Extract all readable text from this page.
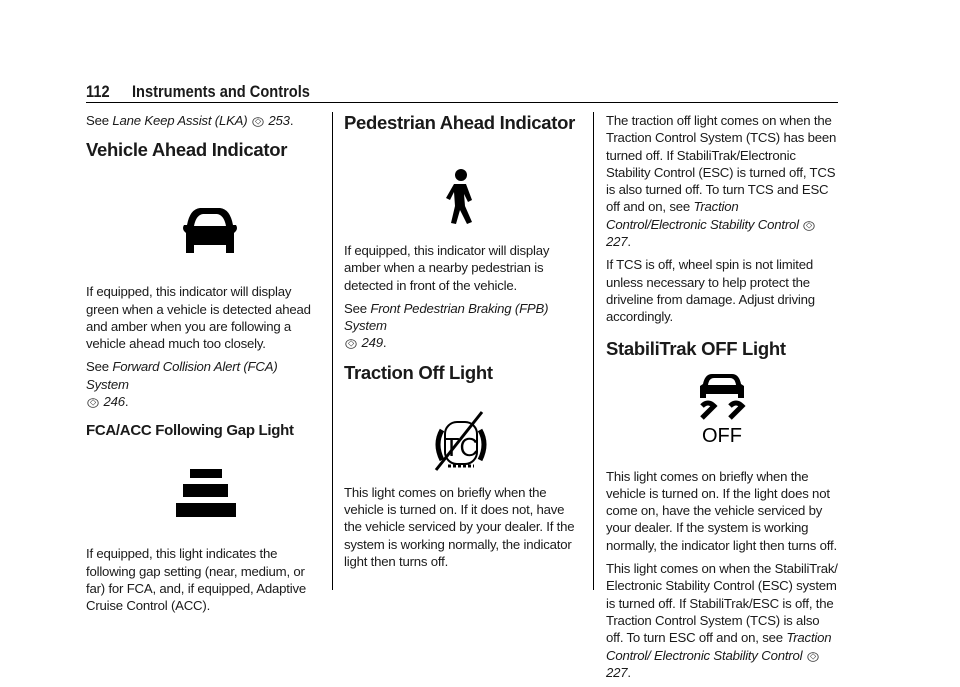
112 Instruments and Controls

See Lane Keep Assist (LKA) ◇ 253.

Vehicle Ahead Indicator

If equipped, this indicator will display green when a vehicle is detected ahead and amber when you are following a vehicle ahead much too closely.

See Forward Collision Alert (FCA) System
◇ 246.

FCA/ACC Following Gap Light

If equipped, this light indicates the following gap setting (near, medium, or far) for FCA, and, if equipped, Adaptive Cruise Control (ACC).

Pedestrian Ahead Indicator

If equipped, this indicator will display amber when a nearby pedestrian is detected in front of the vehicle.

See Front Pedestrian Braking (FPB) System
◇ 249.

Traction Off Light
TC

This light comes on briefly when the vehicle is turned on. If it does not, have the vehicle serviced by your dealer. If the system is working normally, the indicator light then turns off.

The traction off light comes on when the Traction Control System (TCS) has been turned off. If StabiliTrak/Electronic Stability Control (ESC) is turned off, TCS is also turned off. To turn TCS and ESC off and on, see Traction Control/Electronic Stability Control ◇ 227.

If TCS is off, wheel spin is not limited unless necessary to help protect the driveline from damage. Adjust driving accordingly.

StabiliTrak OFF Light
OFF

This light comes on briefly when the vehicle is turned on. If the light does not come on, have the vehicle serviced by your dealer. If the system is working normally, the indicator light then turns off.

This light comes on when the StabiliTrak/ Electronic Stability Control (ESC) system is turned off. If StabiliTrak/ESC is off, the Traction Control System (TCS) is also off. To turn ESC off and on, see Traction Control/ Electronic Stability Control ◇ 227.
